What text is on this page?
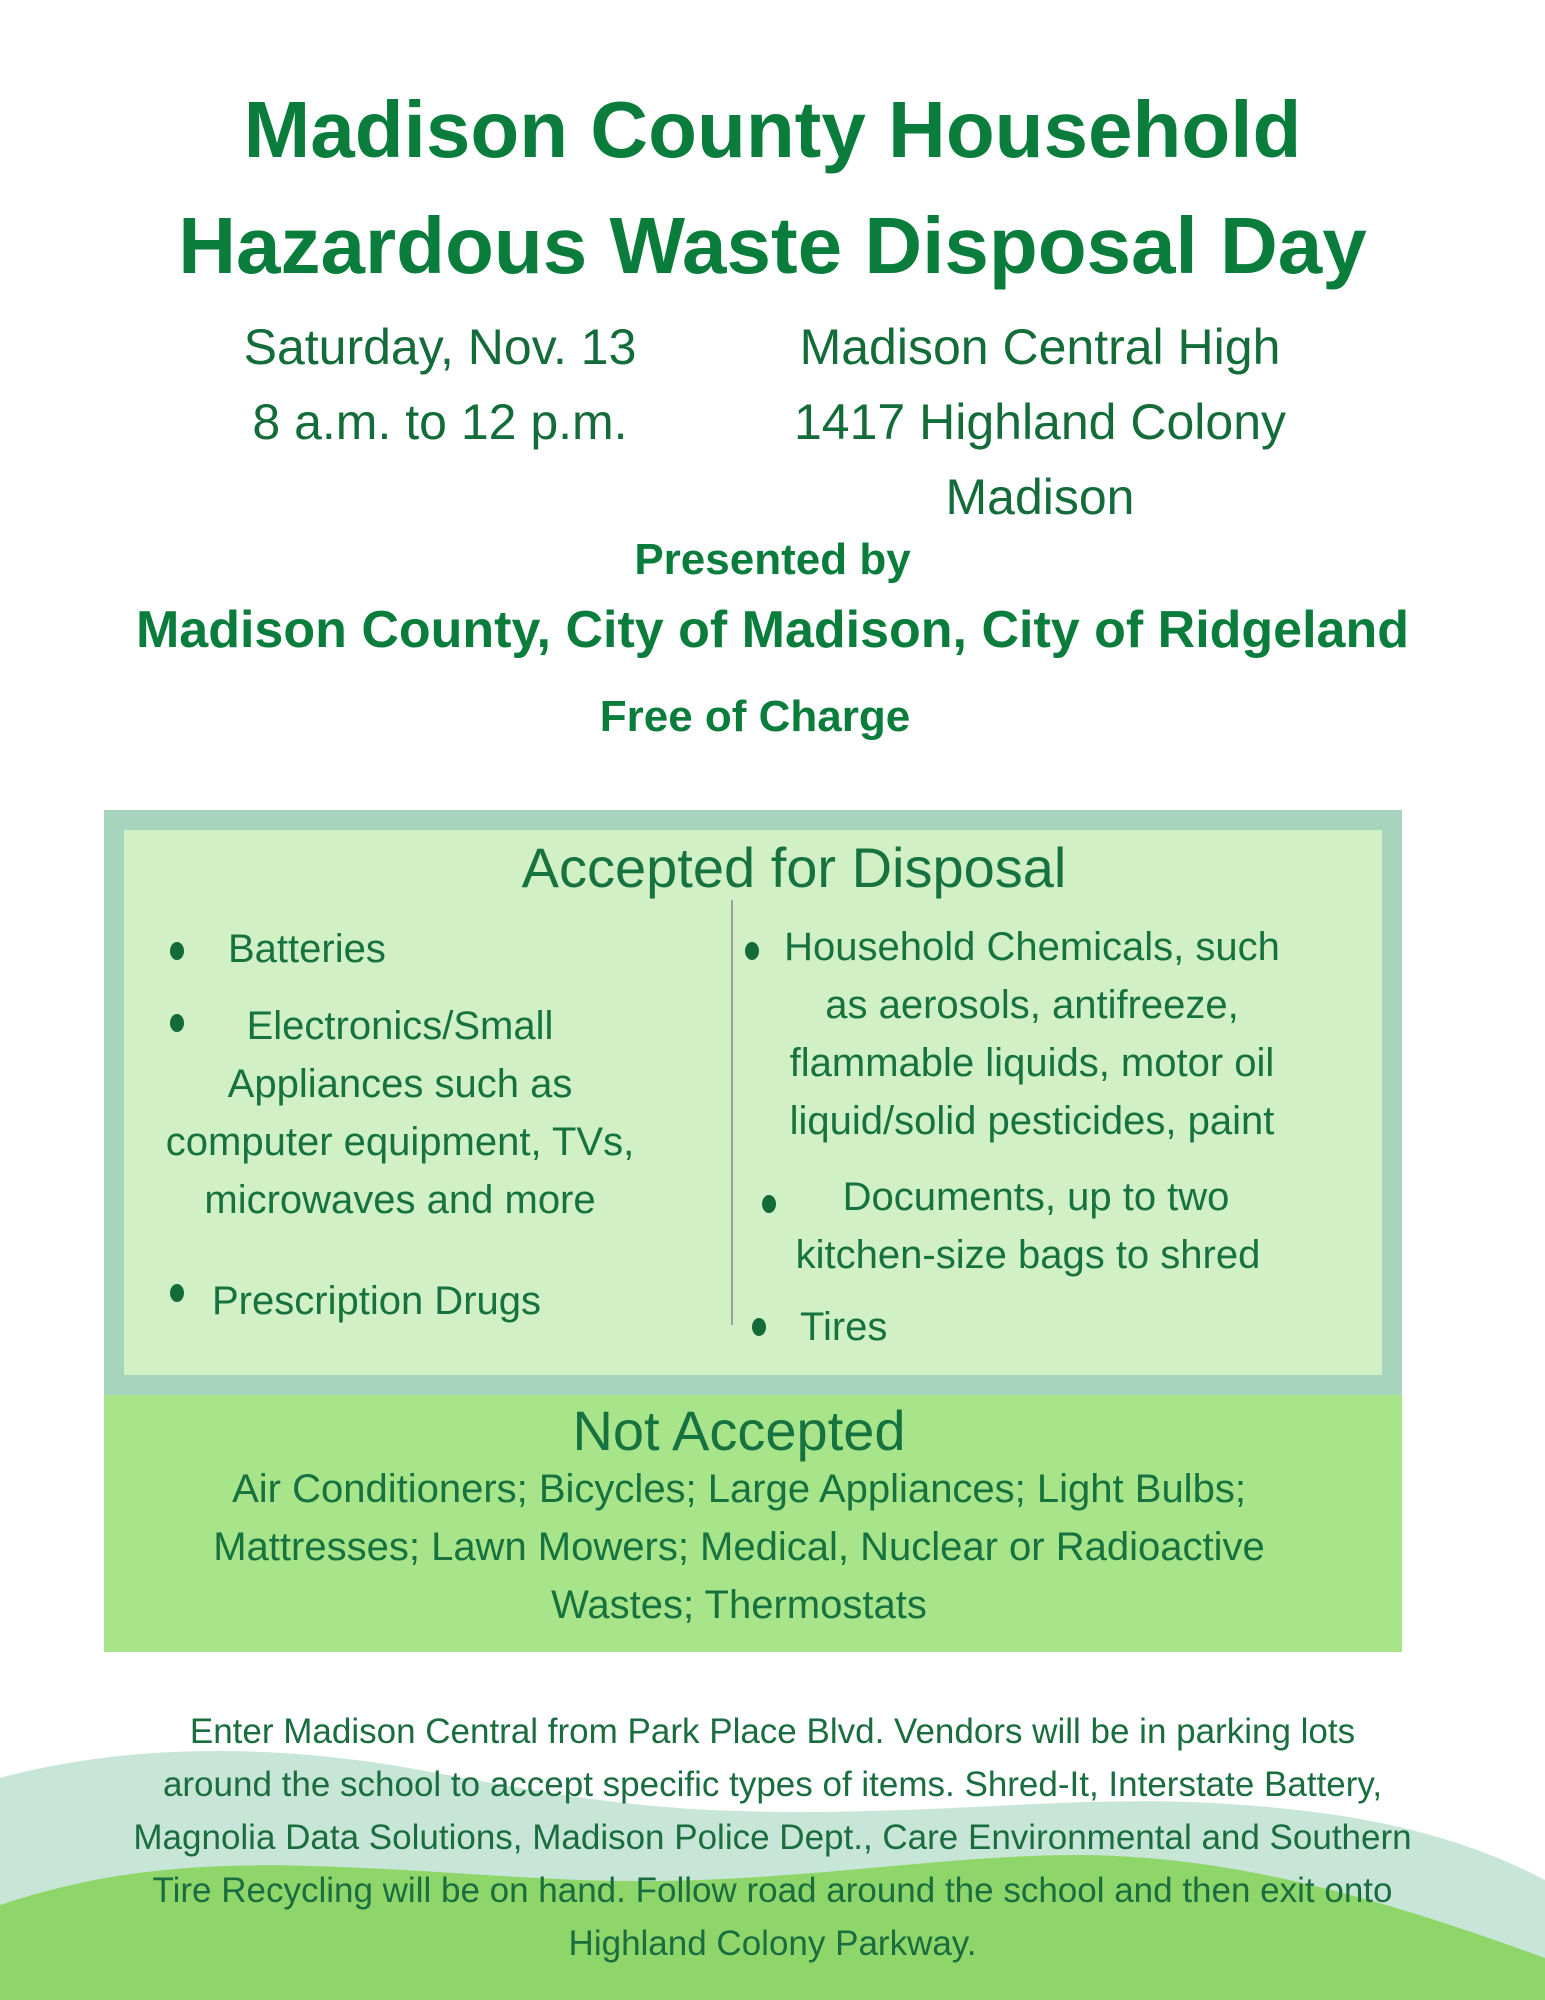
Madison County Household
Hazardous Waste Disposal Day
Saturday, Nov. 13
8 a.m. to 12 p.m.
Madison Central High
1417 Highland Colony
Madison
Presented by
Madison County, City of Madison, City of Ridgeland
Free of Charge
Accepted for Disposal
Batteries
Electronics/Small
Appliances such as
computer equipment, TVs,
microwaves and more
Prescription Drugs
Household Chemicals, such
as aerosols, antifreeze,
flammable liquids, motor oil
liquid/solid pesticides, paint
Documents, up to two
kitchen-size bags to shred
Tires
Not Accepted
Air Conditioners; Bicycles; Large Appliances; Light Bulbs;
Mattresses; Lawn Mowers; Medical, Nuclear or Radioactive
Wastes; Thermostats
Enter Madison Central from Park Place Blvd. Vendors will be in parking lots
around the school to accept specific types of items. Shred-It, Interstate Battery,
Magnolia Data Solutions, Madison Police Dept., Care Environmental and Southern
Tire Recycling will be on hand. Follow road around the school and then exit onto
Highland Colony Parkway.
